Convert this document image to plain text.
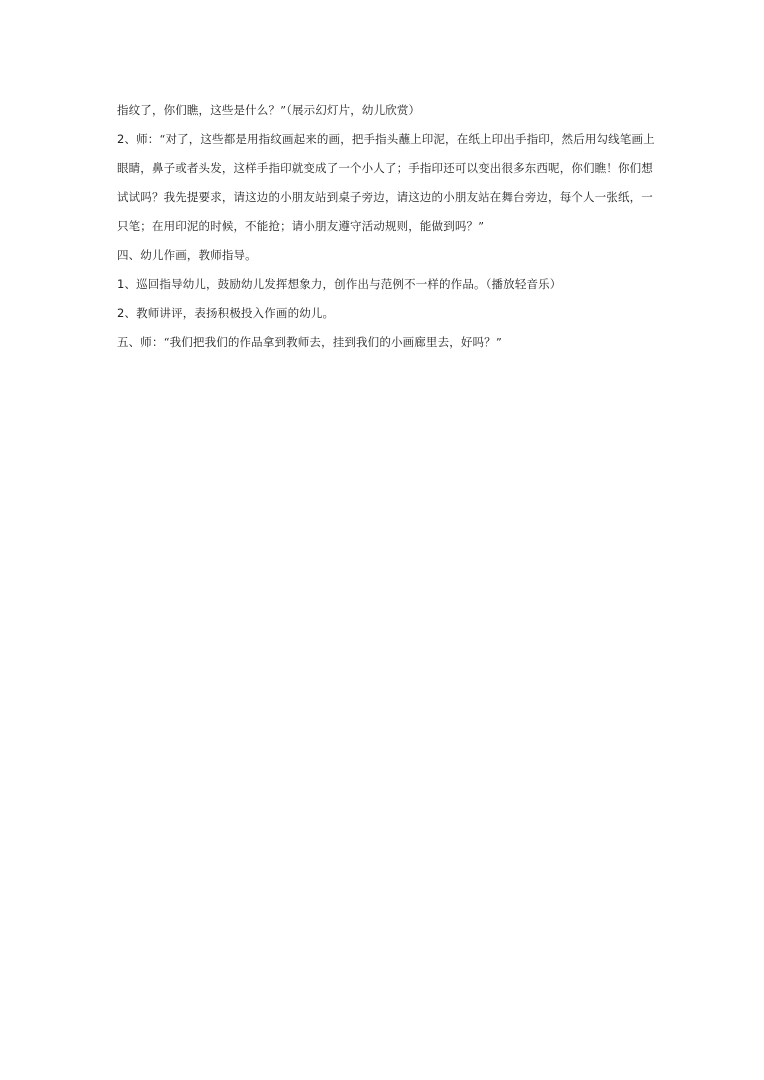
指纹了，你们瞧，这些是什么？”（展示幻灯片，幼儿欣赏）
2、师：“对了，这些都是用指纹画起来的画，把手指头蘸上印泥，在纸上印出手指印，然后用勾线笔画上
眼睛，鼻子或者头发，这样手指印就变成了一个小人了；手指印还可以变出很多东西呢，你们瞧！你们想
试试吗？我先提要求，请这边的小朋友站到桌子旁边，请这边的小朋友站在舞台旁边，每个人一张纸，一
只笔；在用印泥的时候，不能抢；请小朋友遵守活动规则，能做到吗？”
四、幼儿作画，教师指导。
1、巡回指导幼儿，鼓励幼儿发挥想象力，创作出与范例不一样的作品。（播放轻音乐）
2、教师讲评，表扬积极投入作画的幼儿。
五、师：“我们把我们的作品拿到教师去，挂到我们的小画廊里去，好吗？”
